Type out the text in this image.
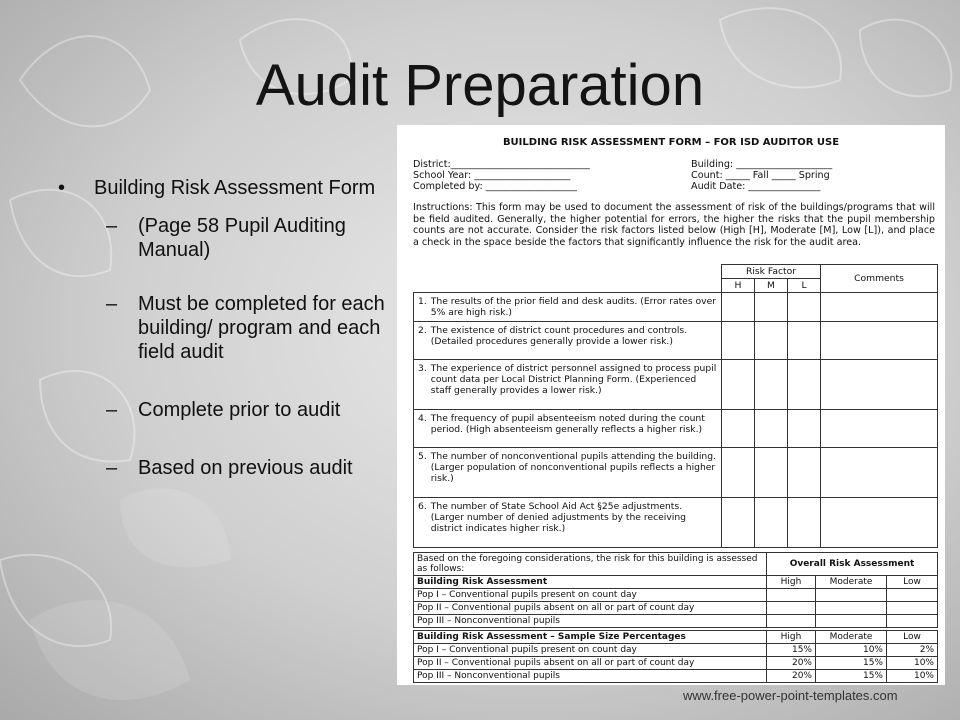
Audit Preparation
• Building Risk Assessment Form
– (Page 58 Pupil Auditing Manual)
– Must be completed for each building/ program and each field audit
– Complete prior to audit
– Based on previous audit
BUILDING RISK ASSESSMENT FORM – FOR ISD AUDITOR USE
District:_____________________________
School Year: ____________________
Completed by: ___________________
Building: ____________________
Count: _____ Fall _____ Spring
Audit Date: _______________
Instructions: This form may be used to document the assessment of risk of the buildings/programs that will be field audited. Generally, the higher potential for errors, the higher the risks that the pupil membership counts are not accurate. Consider the risk factors listed below (High [H], Moderate [M], Low [L]), and place a check in the space beside the factors that significantly influence the risk for the audit area.
		Risk Factor			Comments
		H	M	L	
1.	The results of the prior field and desk audits. (Error rates over 5% are high risk.)				
2.	The existence of district count procedures and controls. (Detailed procedures generally provide a lower risk.)				
3.	The experience of district personnel assigned to process pupil count data per Local District Planning Form. (Experienced staff generally provides a lower risk.)				
4.	The frequency of pupil absenteeism noted during the count period. (High absenteeism generally reflects a higher risk.)				
5.	The number of nonconventional pupils attending the building. (Larger population of nonconventional pupils reflects a higher risk.)				
6.	The number of State School Aid Act §25e adjustments. (Larger number of denied adjustments by the receiving district indicates higher risk.)				
Based on the foregoing considerations, the risk for this building is assessed as follows:	Overall Risk Assessment		
Building Risk Assessment	High	Moderate	Low
Pop I – Conventional pupils present on count day			
Pop II – Conventional pupils absent on all or part of count day			
Pop III – Nonconventional pupils			
Building Risk Assessment – Sample Size Percentages	High	Moderate	Low
Pop I – Conventional pupils present on count day	15%	10%	2%
Pop II – Conventional pupils absent on all or part of count day	20%	15%	10%
Pop III – Nonconventional pupils	20%	15%	10%
www.free-power-point-templates.com
